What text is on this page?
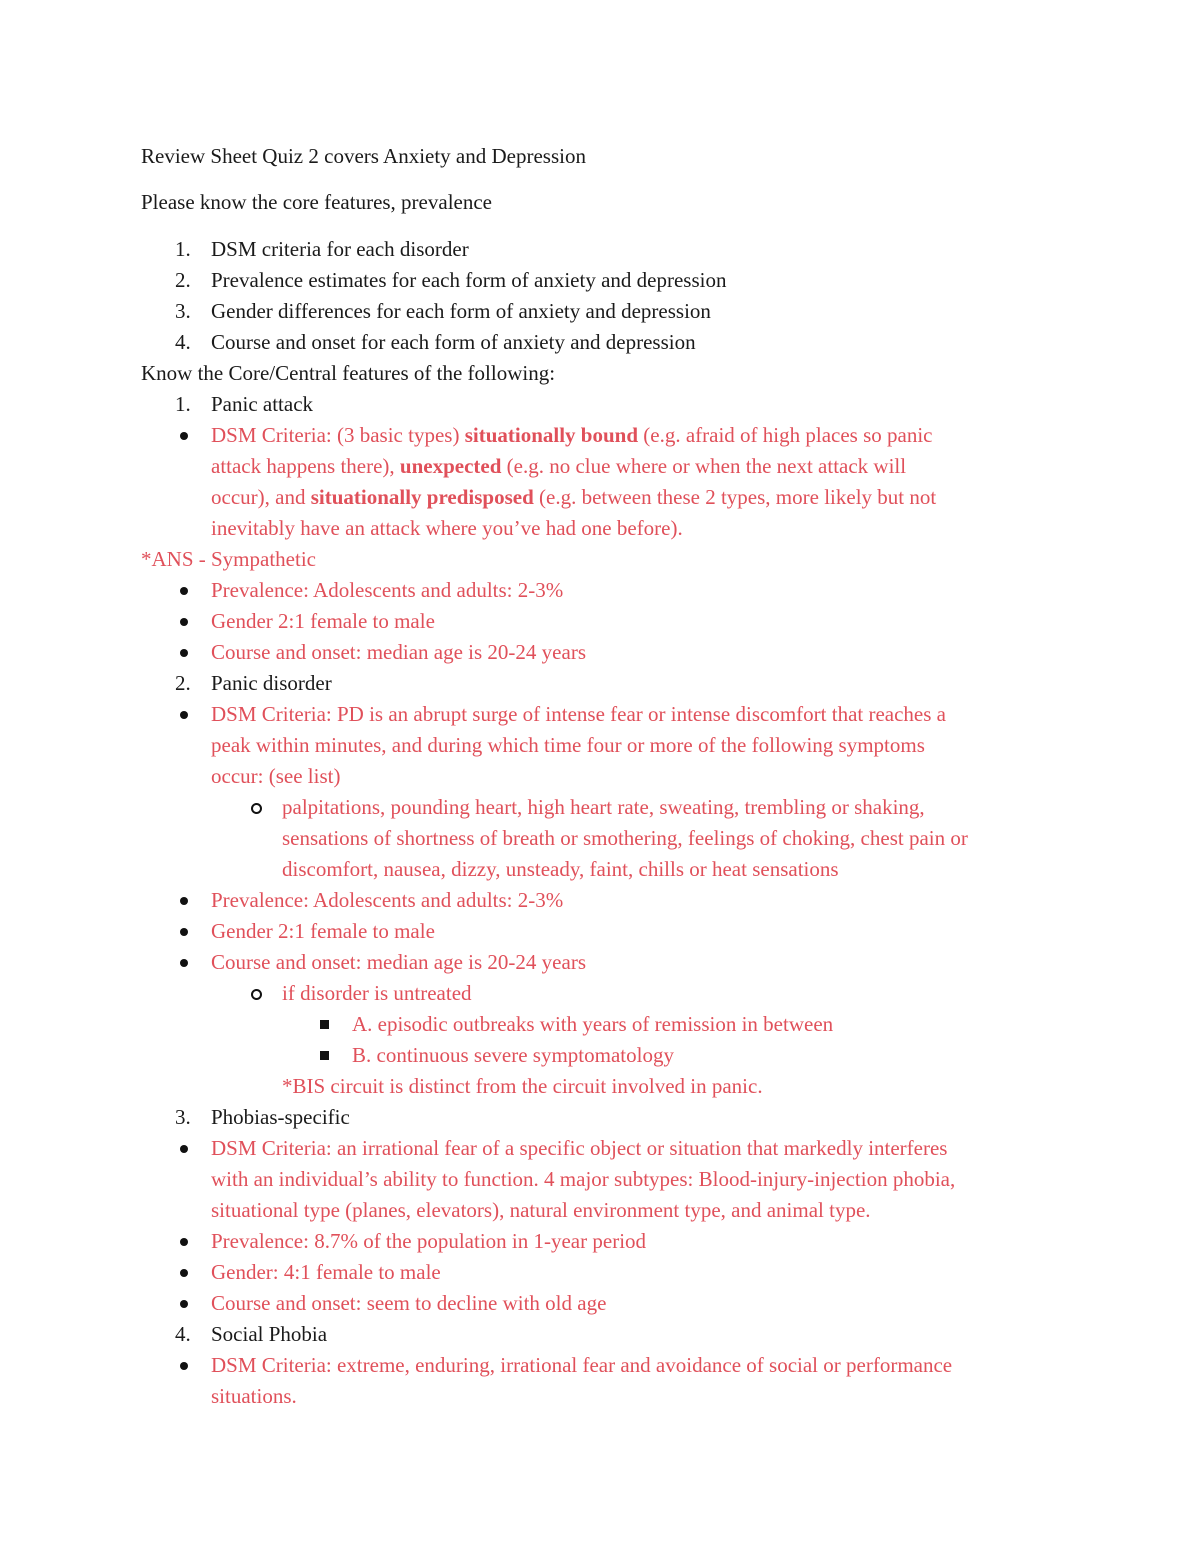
Review Sheet Quiz 2 covers Anxiety and Depression
Please know the core features, prevalence
1. DSM criteria for each disorder
2. Prevalence estimates for each form of anxiety and depression
3. Gender differences for each form of anxiety and depression
4. Course and onset for each form of anxiety and depression
Know the Core/Central features of the following:
1. Panic attack
DSM Criteria: (3 basic types) situationally bound (e.g. afraid of high places so panic
attack happens there), unexpected (e.g. no clue where or when the next attack will
occur), and situationally predisposed (e.g. between these 2 types, more likely but not
inevitably have an attack where you’ve had one before).
*ANS - Sympathetic
Prevalence: Adolescents and adults: 2-3%
Gender 2:1 female to male
Course and onset: median age is 20-24 years
2. Panic disorder
DSM Criteria: PD is an abrupt surge of intense fear or intense discomfort that reaches a
peak within minutes, and during which time four or more of the following symptoms
occur: (see list)
palpitations, pounding heart, high heart rate, sweating, trembling or shaking,
sensations of shortness of breath or smothering, feelings of choking, chest pain or
discomfort, nausea, dizzy, unsteady, faint, chills or heat sensations
Prevalence: Adolescents and adults: 2-3%
Gender 2:1 female to male
Course and onset: median age is 20-24 years
if disorder is untreated
A. episodic outbreaks with years of remission in between
B. continuous severe symptomatology
*BIS circuit is distinct from the circuit involved in panic.
3. Phobias-specific
DSM Criteria: an irrational fear of a specific object or situation that markedly interferes
with an individual’s ability to function. 4 major subtypes: Blood-injury-injection phobia,
situational type (planes, elevators), natural environment type, and animal type.
Prevalence: 8.7% of the population in 1-year period
Gender: 4:1 female to male
Course and onset: seem to decline with old age
4. Social Phobia
DSM Criteria: extreme, enduring, irrational fear and avoidance of social or performance
situations.
